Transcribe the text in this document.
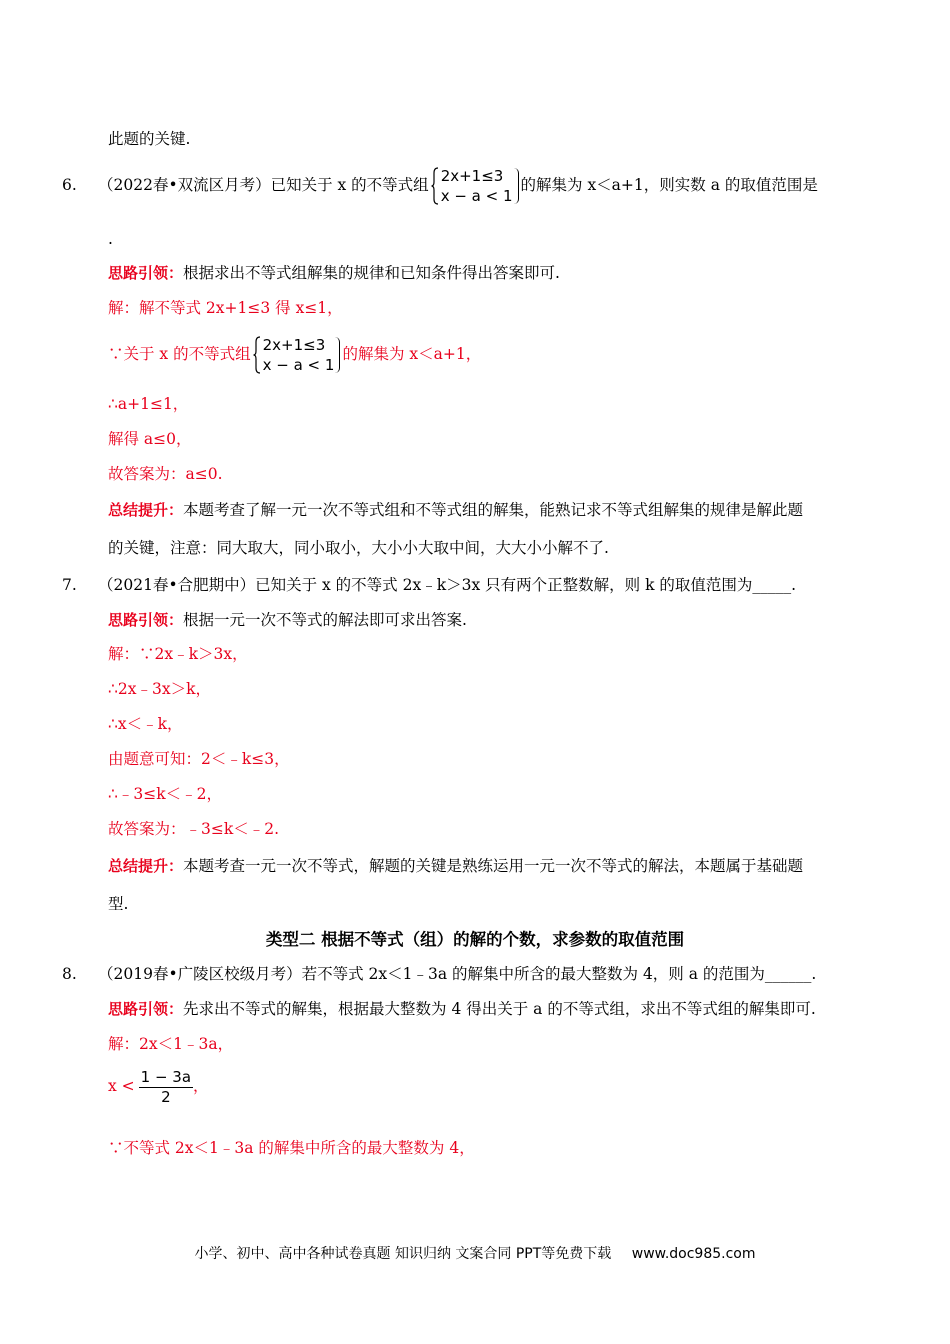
此题的关键.
6. （2022春•双流区月考）已知关于 x 的不等式组 2x+1≤3
x − a < 1
的解集为 x＜a+1，则实数 a 的取值范围是
.
思路引领：根据求出不等式组解集的规律和已知条件得出答案即可.
解：解不等式 2x+1≤3 得 x≤1，
∵关于 x 的不等式组 2x+1≤3
x − a < 1
的解集为 x＜a+1，
∴a+1≤1，
解得 a≤0，
故答案为：a≤0.
总结提升：本题考查了解一元一次不等式组和不等式组的解集，能熟记求不等式组解集的规律是解此题
的关键，注意：同大取大，同小取小，大小小大取中间，大大小小解不了.
7. （2021春•合肥期中）已知关于 x 的不等式 2x﹣k＞3x 只有两个正整数解，则 k 的取值范围为_____.
思路引领：根据一元一次不等式的解法即可求出答案.
解：∵2x﹣k＞3x，
∴2x﹣3x＞k，
∴x＜﹣k，
由题意可知：2＜﹣k≤3，
∴﹣3≤k＜﹣2，
故答案为：﹣3≤k＜﹣2.
总结提升：本题考查一元一次不等式，解题的关键是熟练运用一元一次不等式的解法，本题属于基础题
型.
类型二 根据不等式（组）的解的个数，求参数的取值范围
8. （2019春•广陵区校级月考）若不等式 2x＜1﹣3a 的解集中所含的最大整数为 4，则 a 的范围为______.
思路引领：先求出不等式的解集，根据最大整数为 4 得出关于 a 的不等式组，求出不等式组的解集即可.
解：2x＜1﹣3a，
$x < \frac{1 - 3a}{2}$ ，
∵不等式 2x＜1﹣3a 的解集中所含的最大整数为 4，
小学、初中、高中各种试卷真题 知识归纳 文案合同 PPT等免费下载 www.doc985.com
